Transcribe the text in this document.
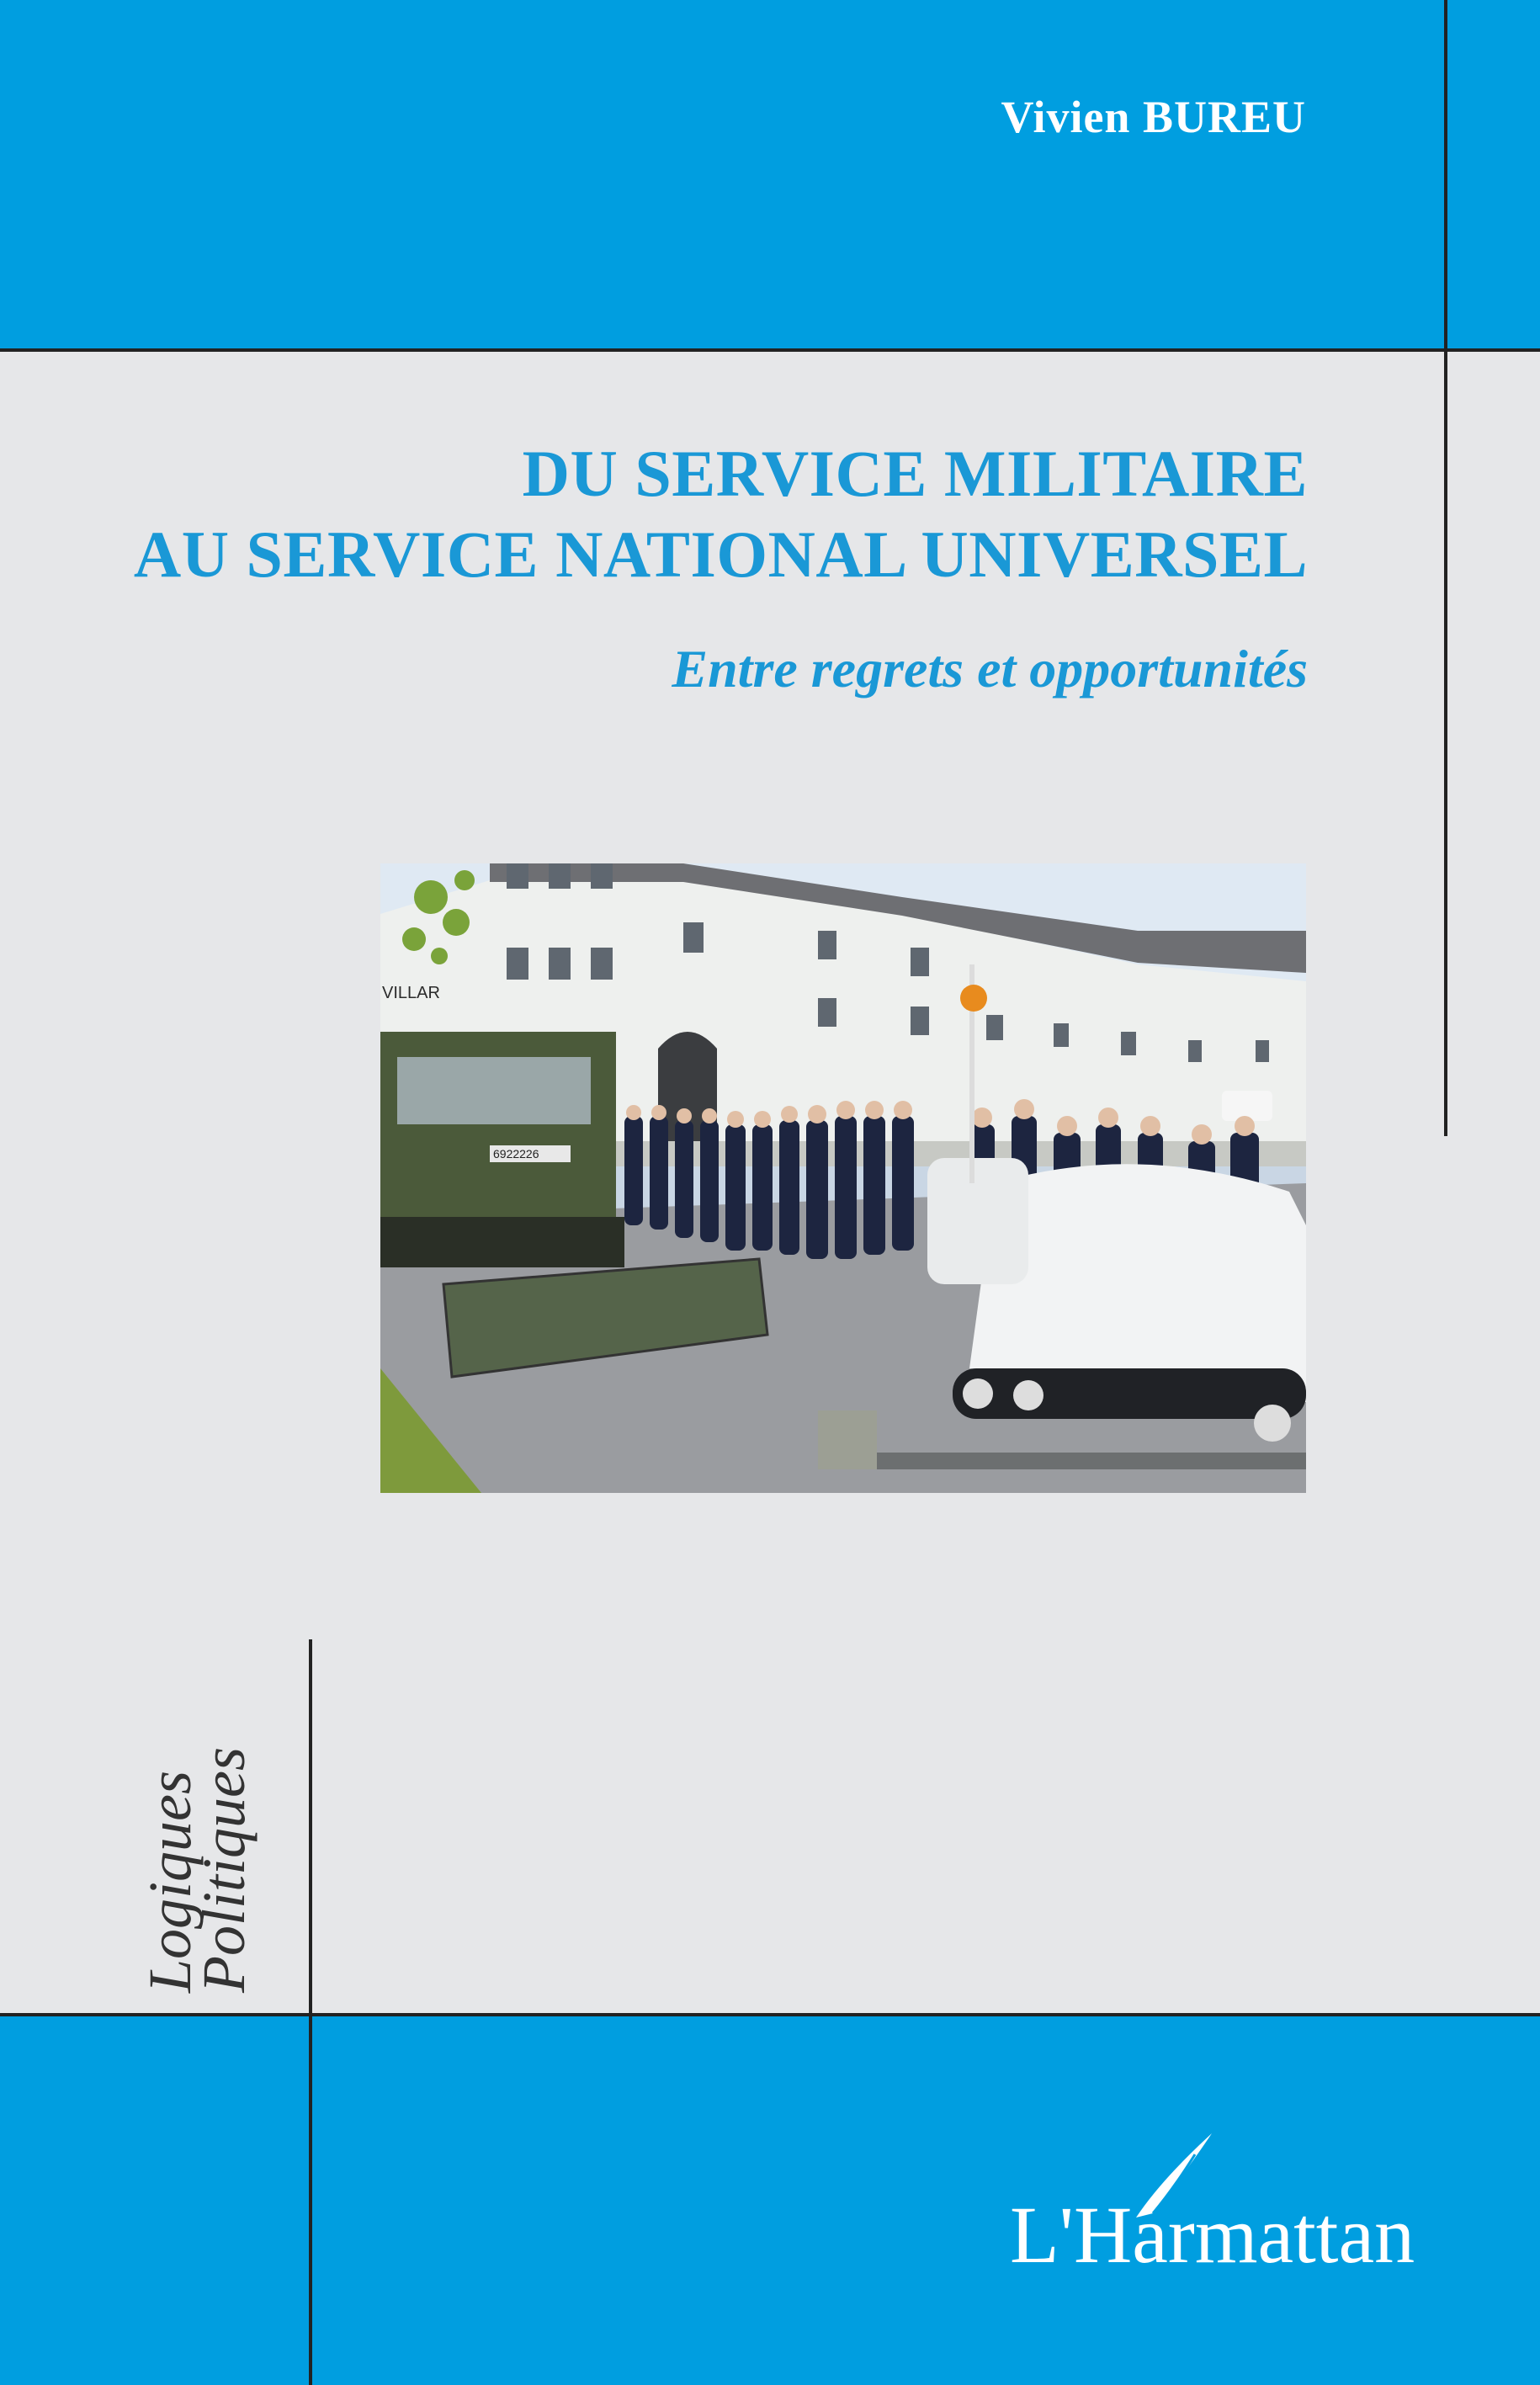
Vivien BUREU
DU SERVICE MILITAIRE
AU SERVICE NATIONAL UNIVERSEL
Entre regrets et opportunités
6922226
VILLAR
Logiques
Politiques
L'Harmattan
